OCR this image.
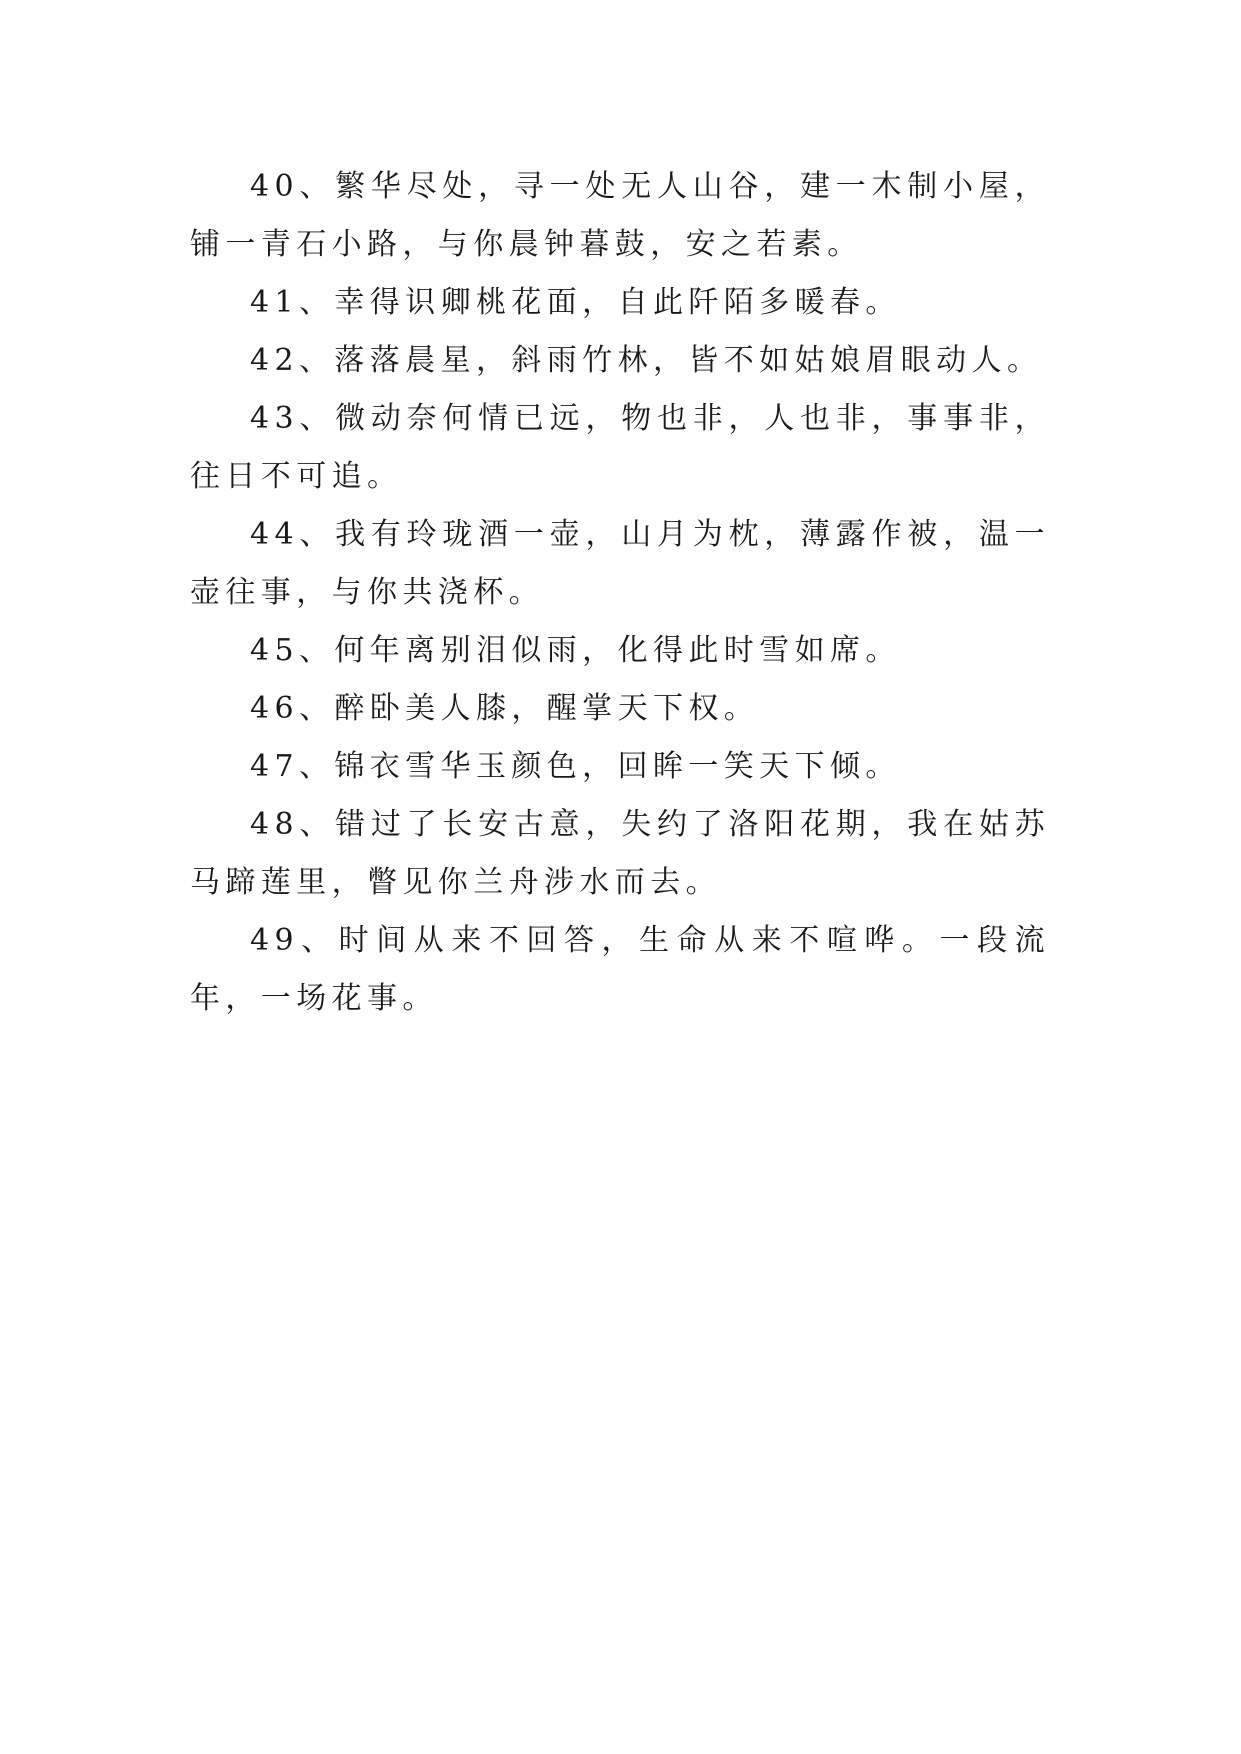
40、繁华尽处，寻一处无人山谷，建一木制小屋，铺一青石小路，与你晨钟暮鼓，安之若素。

41、幸得识卿桃花面，自此阡陌多暖春。

42、落落晨星，斜雨竹林，皆不如姑娘眉眼动人。

43、微动奈何情已远，物也非，人也非，事事非，往日不可追。

44、我有玲珑酒一壶，山月为枕，薄露作被，温一壶往事，与你共浇杯。

45、何年离别泪似雨，化得此时雪如席。

46、醉卧美人膝，醒掌天下权。

47、锦衣雪华玉颜色，回眸一笑天下倾。

48、错过了长安古意，失约了洛阳花期，我在姑苏马蹄莲里，瞥见你兰舟涉水而去。

49、时间从来不回答，生命从来不喧哗。一段流年，一场花事。
